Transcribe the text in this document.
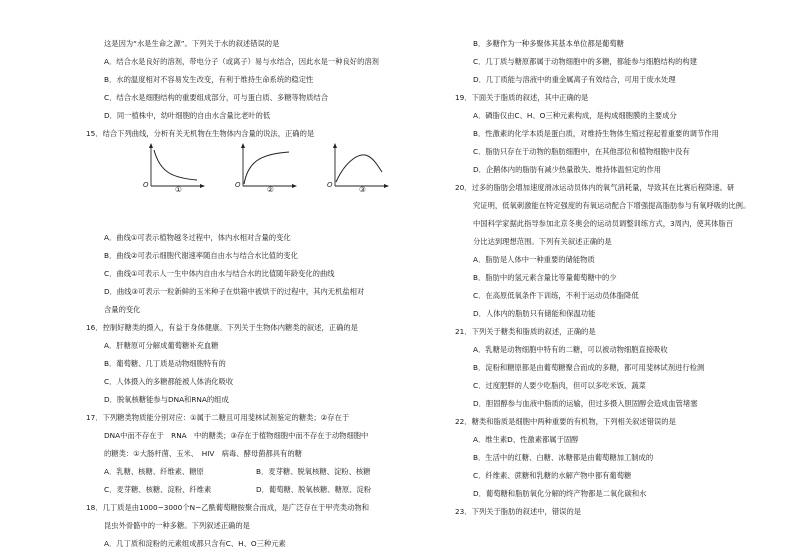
这是因为“水是生命之源”。下列关于水的叙述错误的是
A．结合水是良好的溶剂，带电分子（或离子）易与水结合，因此水是一种良好的溶剂
B．水的温度相对不容易发生改变，有利于维持生命系统的稳定性
C．结合水是细胞结构的重要组成部分，可与蛋白质、多糖等物质结合
D．同一植株中，幼叶细胞的自由水含量比老叶的低
15．结合下列曲线，分析有关无机物在生物体内含量的说法，正确的是
O	①	O	②	O	③
A．曲线①可表示植物越冬过程中，体内水相对含量的变化
B．曲线②可表示细胞代谢速率随自由水与结合水比值的变化
C．曲线①可表示人一生中体内自由水与结合水的比值随年龄变化的曲线
D．曲线③可表示一粒新鲜的玉米种子在烘箱中被烘干的过程中，其内无机盐相对
含量的变化
16．控制好糖类的摄入，有益于身体健康。下列关于生物体内糖类的叙述，正确的是
A．肝糖原可分解成葡萄糖补充血糖
B．葡萄糖、几丁质是动物细胞特有的
C．人体摄入的多糖都能被人体消化吸收
D．脱氧核糖能参与DNA和RNA的组成
17．下列糖类物质能分别对应：①属于二糖且可用斐林试剂鉴定的糖类；②存在于
DNA中而不存在于　RNA　中的糖类；③存在于植物细胞中而不存在于动物细胞中
的糖类：①大肠杆菌、玉米、　HIV　病毒、酵母菌都具有的糖
A．乳糖、核糖、纤维素、糖原	B．麦芽糖、脱氧核糖、淀粉、核糖
C．麦芽糖、核糖、淀粉、纤维素	D．葡萄糖、脱氧核糖、糖原、淀粉
18．几丁质是由1000−3000个N−乙酰葡萄糖胺聚合而成，是广泛存在于甲壳类动物和
昆虫外骨骼中的一种多糖。下列叙述正确的是
A．几丁质和淀粉的元素组成都只含有C、H、O三种元素
B．多糖作为一种多聚体其基本单位都是葡萄糖
C．几丁质与糖原都属于动物细胞中的多糖，都能参与细胞结构的构建
D．几丁质能与溶液中的重金属离子有效结合，可用于废水处理
19．下面关于脂质的叙述，其中正确的是
A．磷脂仅由C、H、O三种元素构成，是构成细胞膜的主要成分
B．性激素的化学本质是蛋白质，对维持生物体生殖过程起着重要的调节作用
C．脂肪只存在于动物的脂肪细胞中，在其他部位和植物细胞中没有
D．企鹅体内的脂肪有减少热量散失、维持体温恒定的作用
20．过多的脂肪会增加速度滑冰运动员体内的氧气消耗量，导致其在比赛后程降速。研
究证明，低氧刺激能在特定强度的有氧运动配合下增强提高脂肪参与有氧呼吸的比例。
中国科学家据此指导参加北京冬奥会的运动员调整训练方式，3周内，使其体脂百
分比达到理想范围。下列有关叙述正确的是
A．脂肪是人体中一种重要的储能物质
B．脂肪中的氢元素含量比等量葡萄糖中的少
C．在高原低氧条件下训练，不利于运动员体脂降低
D．人体内的脂肪只有储能和保温功能
21．下列关于糖类和脂质的叙述，正确的是
A．乳糖是动物细胞中特有的二糖，可以被动物细胞直接吸收
B．淀粉和糖原都是由葡萄糖聚合而成的多糖，都可用斐林试剂进行检测
C．过度肥胖的人要少吃脂肉，但可以多吃米饭、蔬菜
D．胆固醇参与血液中脂质的运输，但过多摄入胆固醇会造成血管堵塞
22．糖类和脂质是细胞中两种重要的有机物，下列相关叙述错误的是
A．维生素D、性激素都属于固醇
B．生活中的红糖、白糖、冰糖都是由葡萄糖加工制成的
C．纤维素、蔗糖和乳糖的水解产物中都有葡萄糖
D．葡萄糖和脂肪氧化分解的终产物都是二氧化碳和水
23．下列关于脂肪的叙述中，错误的是
